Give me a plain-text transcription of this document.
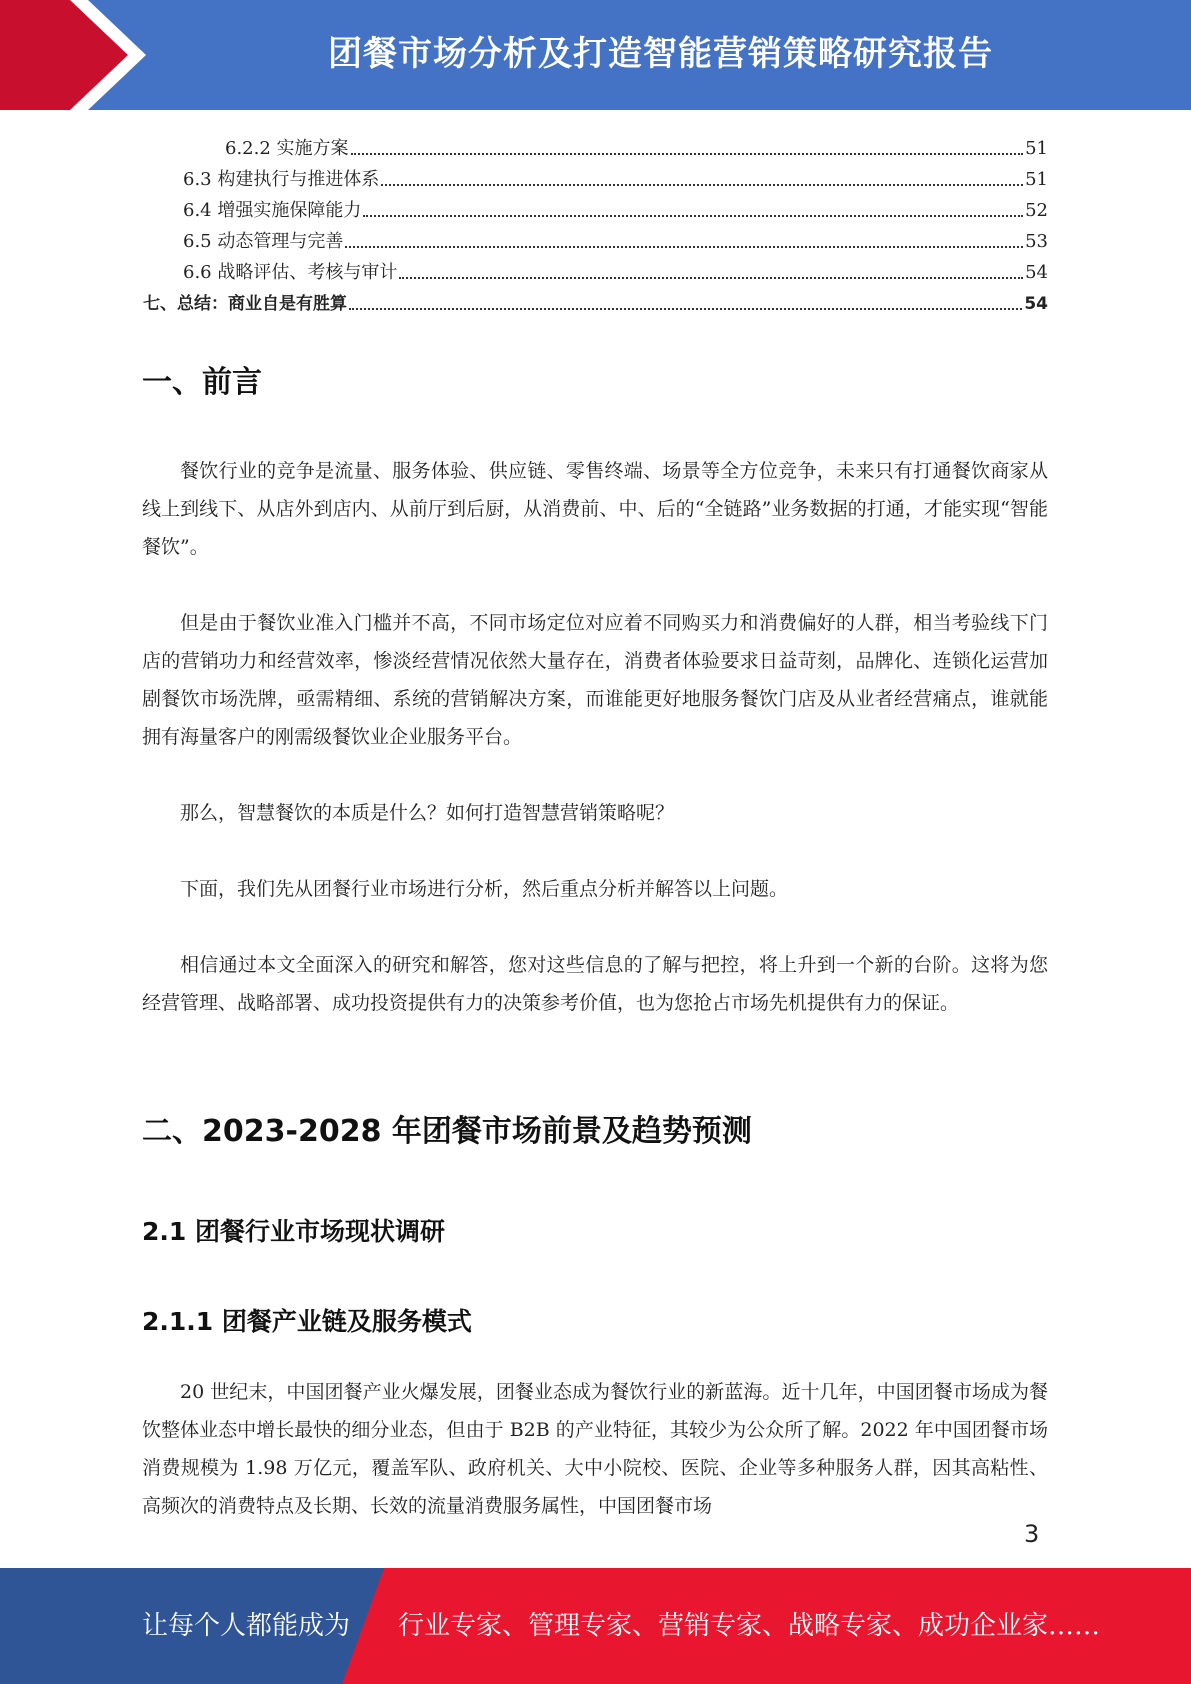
团餐市场分析及打造智能营销策略研究报告
6.2.2 实施方案	51
6.3 构建执行与推进体系	51
6.4 增强实施保障能力	52
6.5 动态管理与完善	53
6.6 战略评估、考核与审计	54
七、总结：商业自是有胜算	54
一、前言

餐饮行业的竞争是流量、服务体验、供应链、零售终端、场景等全方位竞争，未来只有打通餐饮商家从线上到线下、从店外到店内、从前厅到后厨，从消费前、中、后的“全链路”业务数据的打通，才能实现“智能餐饮”。

但是由于餐饮业准入门槛并不高，不同市场定位对应着不同购买力和消费偏好的人群，相当考验线下门店的营销功力和经营效率，惨淡经营情况依然大量存在，消费者体验要求日益苛刻，品牌化、连锁化运营加剧餐饮市场洗牌，亟需精细、系统的营销解决方案，而谁能更好地服务餐饮门店及从业者经营痛点，谁就能拥有海量客户的刚需级餐饮业企业服务平台。

那么，智慧餐饮的本质是什么？如何打造智慧营销策略呢？

下面，我们先从团餐行业市场进行分析，然后重点分析并解答以上问题。

相信通过本文全面深入的研究和解答，您对这些信息的了解与把控，将上升到一个新的台阶。这将为您经营管理、战略部署、成功投资提供有力的决策参考价值，也为您抢占市场先机提供有力的保证。

二、2023-2028 年团餐市场前景及趋势预测
2.1 团餐行业市场现状调研
2.1.1 团餐产业链及服务模式

20 世纪末，中国团餐产业火爆发展，团餐业态成为餐饮行业的新蓝海。近十几年，中国团餐市场成为餐饮整体业态中增长最快的细分业态，但由于 B2B 的产业特征，其较少为公众所了解。2022 年中国团餐市场消费规模为 1.98 万亿元，覆盖军队、政府机关、大中小院校、医院、企业等多种服务人群，因其高粘性、高频次的消费特点及长期、长效的流量消费服务属性，中国团餐市场

3
让每个人都能成为 行业专家、管理专家、营销专家、战略专家、成功企业家……
